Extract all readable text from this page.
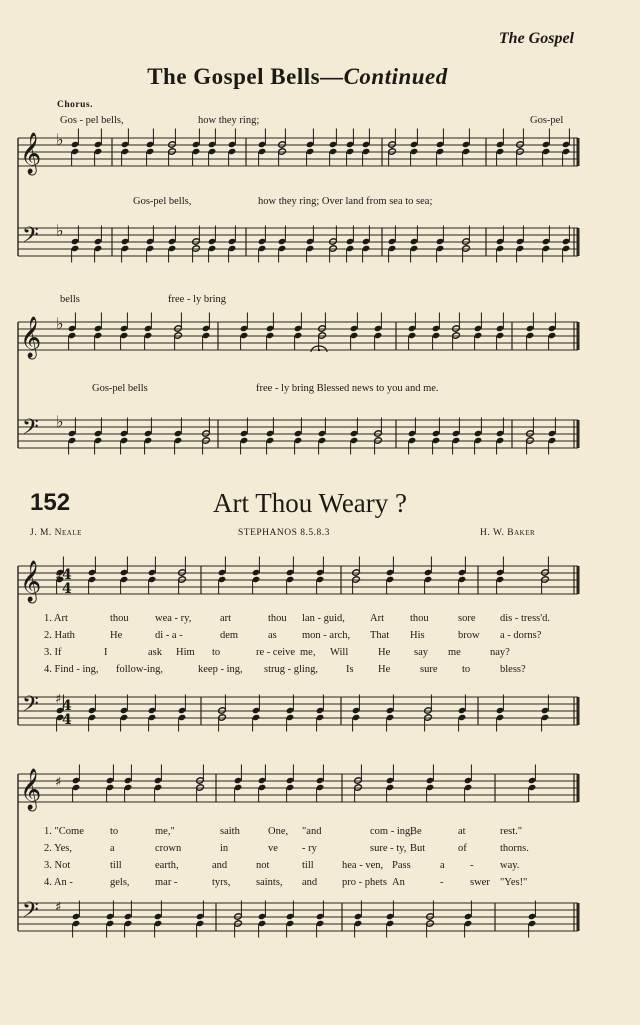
The Gospel
The Gospel Bells—Continued
Chorus.
Gos - pel bells,	how they ring;	Gos-pel
Gos-pel bells,	how they ring; Over land from sea to sea;
bells	free - ly bring
Gos-pel bells	free - ly bring Blessed news to you and me.
152	Art Thou Weary ?
J. M. Neale	STEPHANOS 8.5.8.3	H. W. Baker
1. Art	thou	wea - ry,	art	thou lan - guid, Art thou	sore dis - tress'd.
2. Hath	He	di - a -	dem	as mon - arch, That His	brow a - dorns?
3. If	I	ask Him to	re - ceive me, Will	He say me	nay?
4. Find - ing, follow-ing,	keep - ing, strug - gling,	Is He	sure to	bless?
1. "Come to	me,"	saith	One, "and	com - ing,
Be	at	rest."
2. Yes,	a	crown	in	ve - ry	sure - ty, But	of	thorns.
3. Not	till	earth,	and	not	till	hea - ven, Pass	a -	way.
4. An -	gels, mar -	tyrs, saints, and pro - phets An	-	swer "Yes!"
𝄞
𝄢
𝄞
𝄢
𝄞
𝄢
𝄞
𝄢
4
4
4
4
♭
♭
♭
♭
♯
♯
♯
♯
